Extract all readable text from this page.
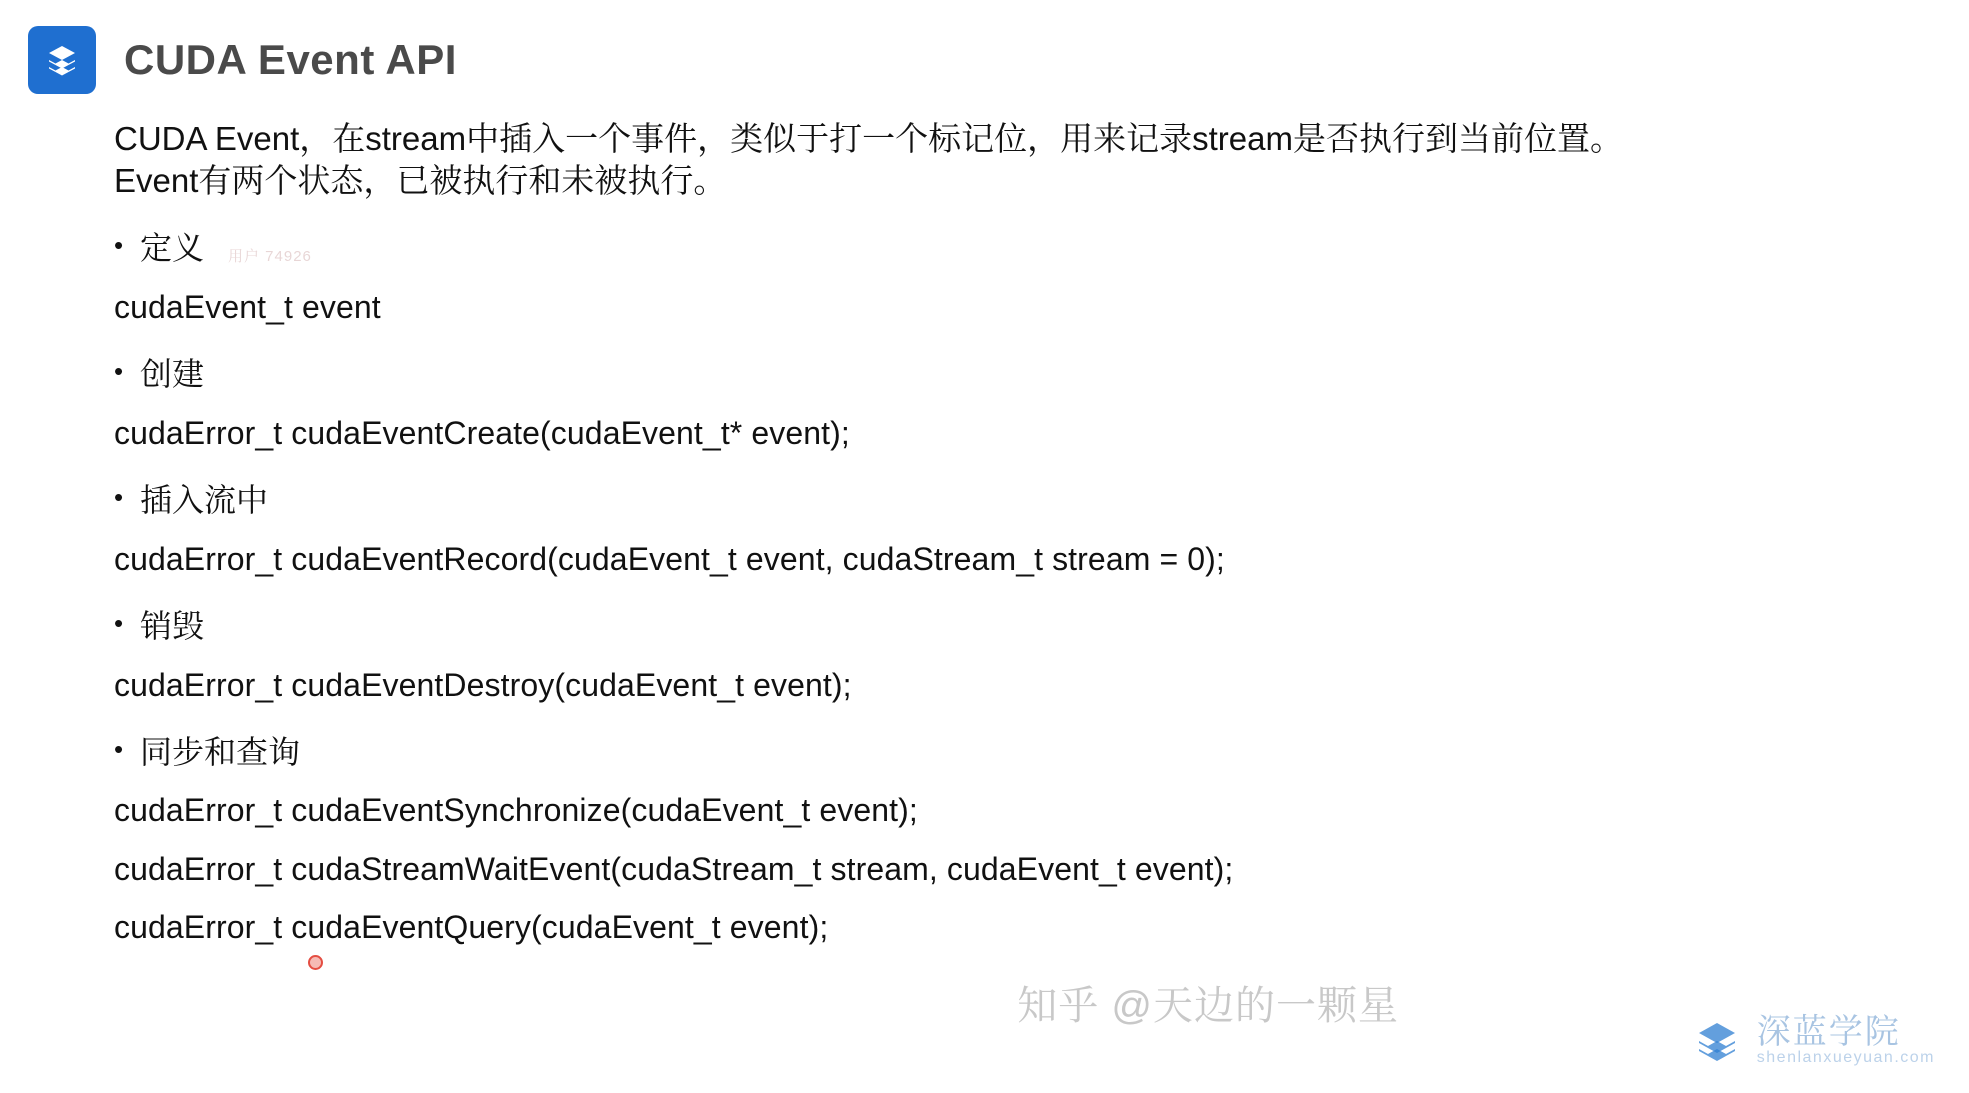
CUDA Event API
CUDA Event，在stream中插入一个事件，类似于打一个标记位，用来记录stream是否执行到当前位置。Event有两个状态，已被执行和未被执行。
• 定义
cudaEvent_t event
• 创建
cudaError_t cudaEventCreate(cudaEvent_t* event);
• 插入流中
cudaError_t cudaEventRecord(cudaEvent_t event, cudaStream_t stream = 0);
• 销毁
cudaError_t cudaEventDestroy(cudaEvent_t event);
• 同步和查询
cudaError_t cudaEventSynchronize(cudaEvent_t event);
cudaError_t cudaStreamWaitEvent(cudaStream_t stream, cudaEvent_t event);
cudaError_t cudaEventQuery(cudaEvent_t event);
用户 74926
知乎 @天边的一颗星
深蓝学院
shenlanxueyuan.com
